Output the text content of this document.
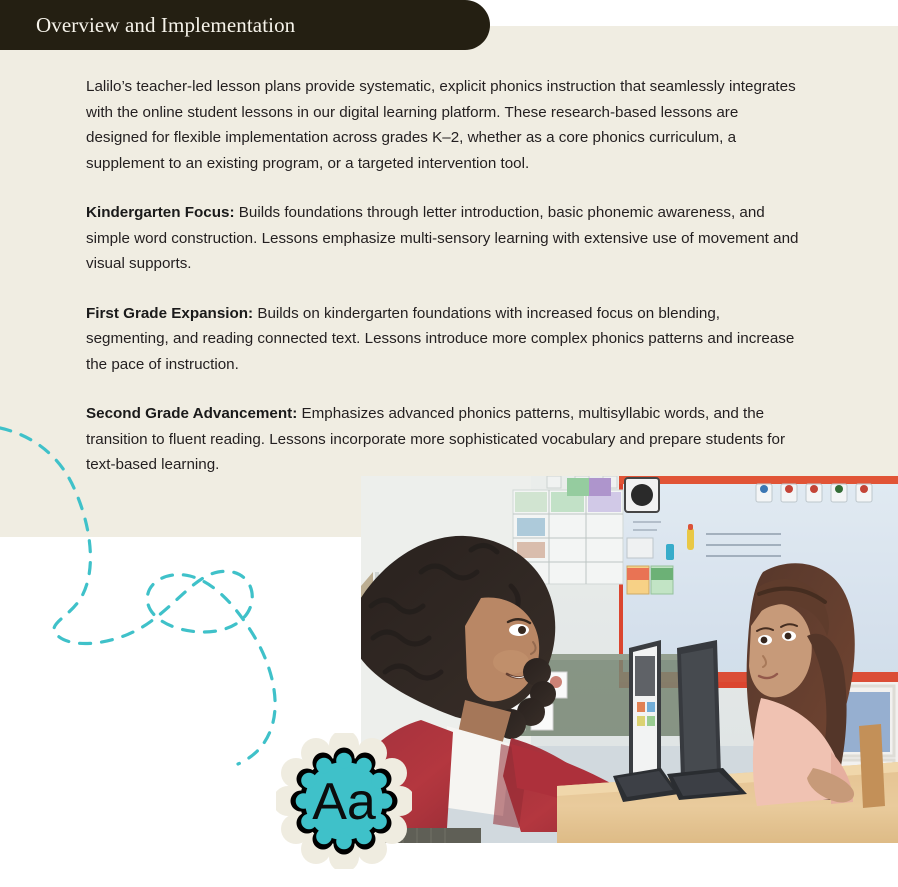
Overview and Implementation

Lalilo’s teacher-led lesson plans provide systematic, explicit phonics instruction that seamlessly integrates with the online student lessons in our digital learning platform. These research-based lessons are designed for flexible implementation across grades K–2, whether as a core phonics curriculum, a supplement to an existing program, or a targeted intervention tool.

Kindergarten Focus: Builds foundations through letter introduction, basic phonemic awareness, and simple word construction. Lessons emphasize multi-sensory learning with extensive use of movement and visual supports.

First Grade Expansion: Builds on kindergarten foundations with increased focus on blending, segmenting, and reading connected text. Lessons introduce more complex phonics patterns and increase the pace of instruction.

Second Grade Advancement: Emphasizes advanced phonics patterns, multisyllabic words, and the transition to fluent reading. Lessons incorporate more sophisticated vocabulary and prepare students for text-based learning.

Aa
